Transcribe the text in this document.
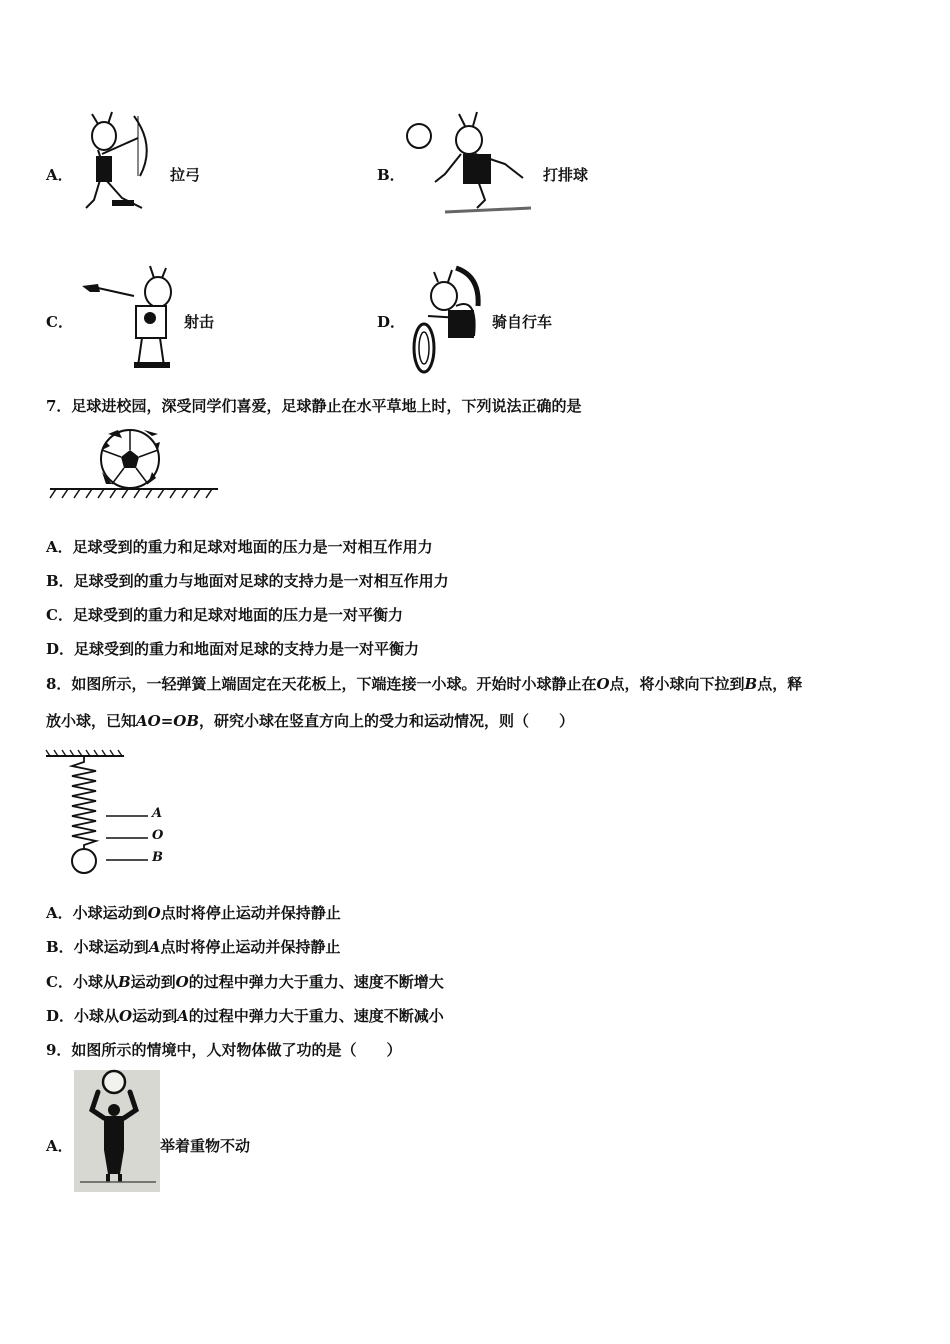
A．	拉弓	B．	打排球
C．	射击	D．	骑自行车
7．足球进校园，深受同学们喜爱，足球静止在水平草地上时，下列说法正确的是
A．足球受到的重力和足球对地面的压力是一对相互作用力
B．足球受到的重力与地面对足球的支持力是一对相互作用力
C．足球受到的重力和足球对地面的压力是一对平衡力
D．足球受到的重力和地面对足球的支持力是一对平衡力
8．如图所示，一轻弹簧上端固定在天花板上，下端连接一小球。开始时小球静止在O点，将小球向下拉到B点，释
放小球，已知AO=OB，研究小球在竖直方向上的受力和运动情况，则（　　）
A
O
B
A．小球运动到O点时将停止运动并保持静止
B．小球运动到A点时将停止运动并保持静止
C．小球从B运动到O的过程中弹力大于重力、速度不断增大
D．小球从O运动到A的过程中弹力大于重力、速度不断减小
9．如图所示的情境中，人对物体做了功的是（　　）
A．	举着重物不动
